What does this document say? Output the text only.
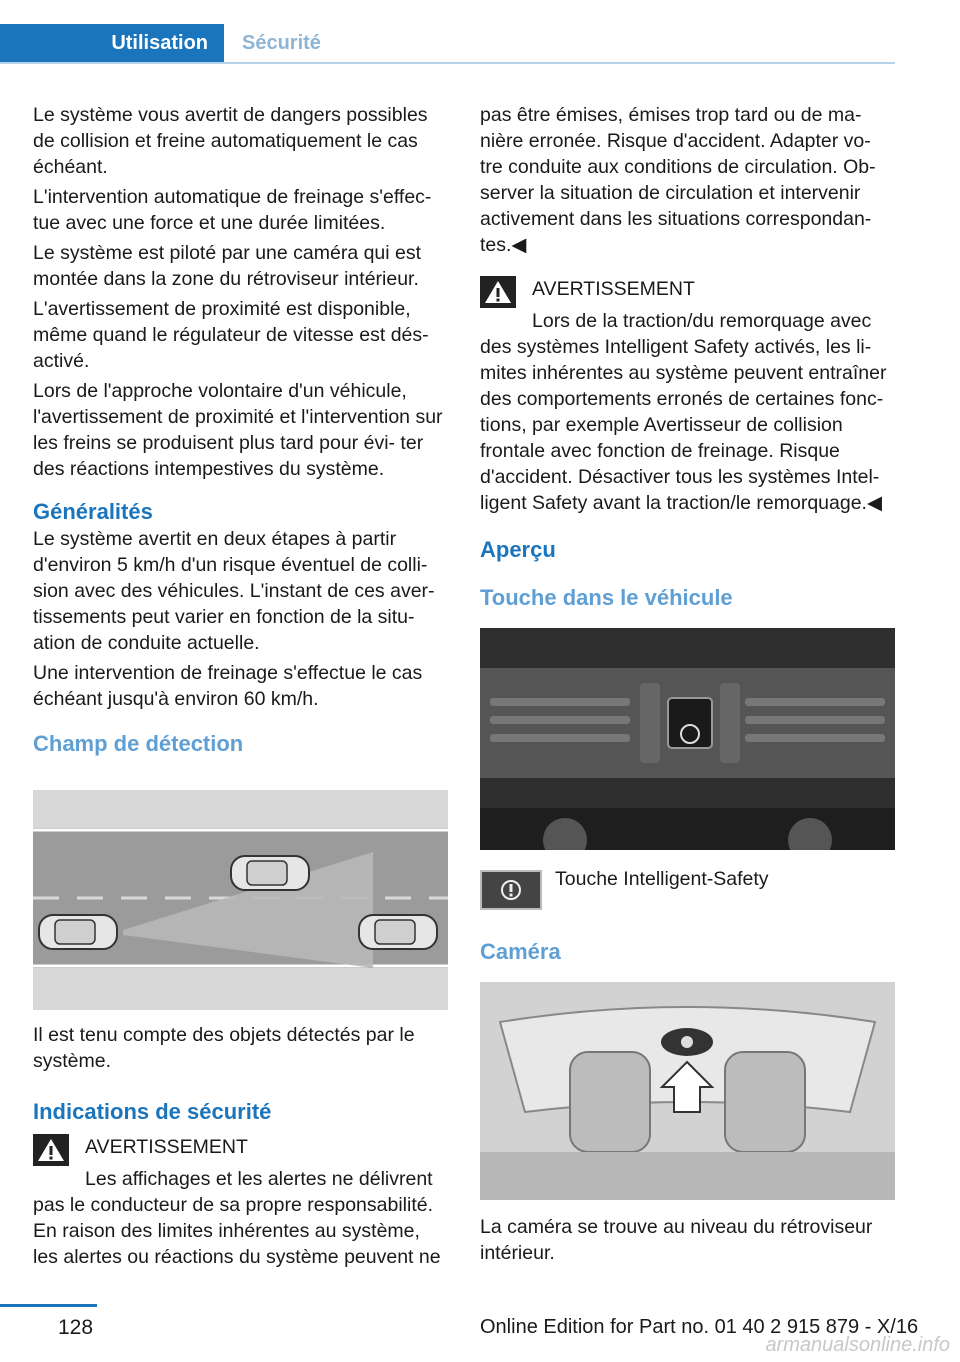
Utilisation	Sécurité

Le système vous avertit de dangers possibles de collision et freine automatiquement le cas échéant.

L'intervention automatique de freinage s'effec‐ tue avec une force et une durée limitées.

Le système est piloté par une caméra qui est montée dans la zone du rétroviseur intérieur.

L'avertissement de proximité est disponible, même quand le régulateur de vitesse est dés‐ activé.

Lors de l'approche volontaire d'un véhicule, l'avertissement de proximité et l'intervention sur les freins se produisent plus tard pour évi‐ ter des réactions intempestives du système.

Généralités

Le système avertit en deux étapes à partir d'environ 5 km/h d'un risque éventuel de colli‐ sion avec des véhicules. L'instant de ces aver‐ tissements peut varier en fonction de la situ‐ ation de conduite actuelle.

Une intervention de freinage s'effectue le cas échéant jusqu'à environ 60 km/h.

Champ de détection

Il est tenu compte des objets détectés par le système.

Indications de sécurité
AVERTISSEMENT
Les affichages et les alertes ne délivrent
pas le conducteur de sa propre responsabilité. En raison des limites inhérentes au système, les alertes ou réactions du système peuvent ne

pas être émises, émises trop tard ou de ma‐ nière erronée. Risque d'accident. Adapter vo‐ tre conduite aux conditions de circulation. Ob‐ server la situation de circulation et intervenir activement dans les situations correspondan‐ tes.◀

AVERTISSEMENT
Lors de la traction/du remorquage avec
des systèmes Intelligent Safety activés, les li‐ mites inhérentes au système peuvent entraîner des comportements erronés de certaines fonc‐ tions, par exemple Avertisseur de collision frontale avec fonction de freinage. Risque d'accident. Désactiver tous les systèmes Intel‐ ligent Safety avant la traction/le remorquage.◀
Aperçu
Touche dans le véhicule
Touche Intelligent-Safety
Caméra

La caméra se trouve au niveau du rétroviseur intérieur.

128	Online Edition for Part no. 01 40 2 915 879 - X/16
armanualsonline.info
